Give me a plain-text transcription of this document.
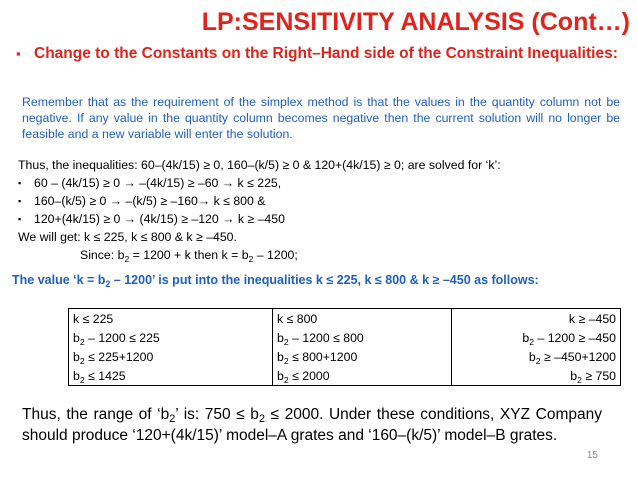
LP:SENSITIVITY ANALYSIS (Cont…)
▪ Change to the Constants on the Right–Hand side of the Constraint Inequalities:
Remember that as the requirement of the simplex method is that the values in the quantity column not be negative. If any value in the quantity column becomes negative then the current solution will no longer be feasible and a new variable will enter the solution.
Thus, the inequalities: 60–(4k/15) ≥ 0, 160–(k/5) ≥ 0 & 120+(4k/15) ≥ 0; are solved for ‘k’:
▪ 60 – (4k/15) ≥ 0 → –(4k/15) ≥ –60 → k ≤ 225,
▪ 160–(k/5) ≥ 0 → –(k/5) ≥ –160→ k ≤ 800 &
▪ 120+(4k/15) ≥ 0 → (4k/15) ≥ –120 → k ≥ –450
We will get: k ≤ 225, k ≤ 800 & k ≥ –450.
Since: $b_2 = 1200 + k$ then $k = b_2 - 1200$;
The value ‘$k = b_2 - 1200$’ is put into the inequalities k ≤ 225, k ≤ 800 & k ≥ –450 as follows:
k ≤ 225	k ≤ 800	k ≥ –450
$b_2 - 1200 \le 225$	$b_2 - 1200 \le 800$	$b_2 - 1200 \ge -450$
$b_2 \le 225+1200$	$b_2 \le 800+1200$	$b_2 \ge -450+1200$
$b_2 \le 1425$	$b_2 \le 2000$	$b_2 \ge 750$
Thus, the range of ‘$b_2$’ is: $750 \le b_2 \le 2000$. Under these conditions, XYZ Company should produce ‘120+(4k/15)’ model–A grates and ‘160–(k/5)’ model–B grates.
15
